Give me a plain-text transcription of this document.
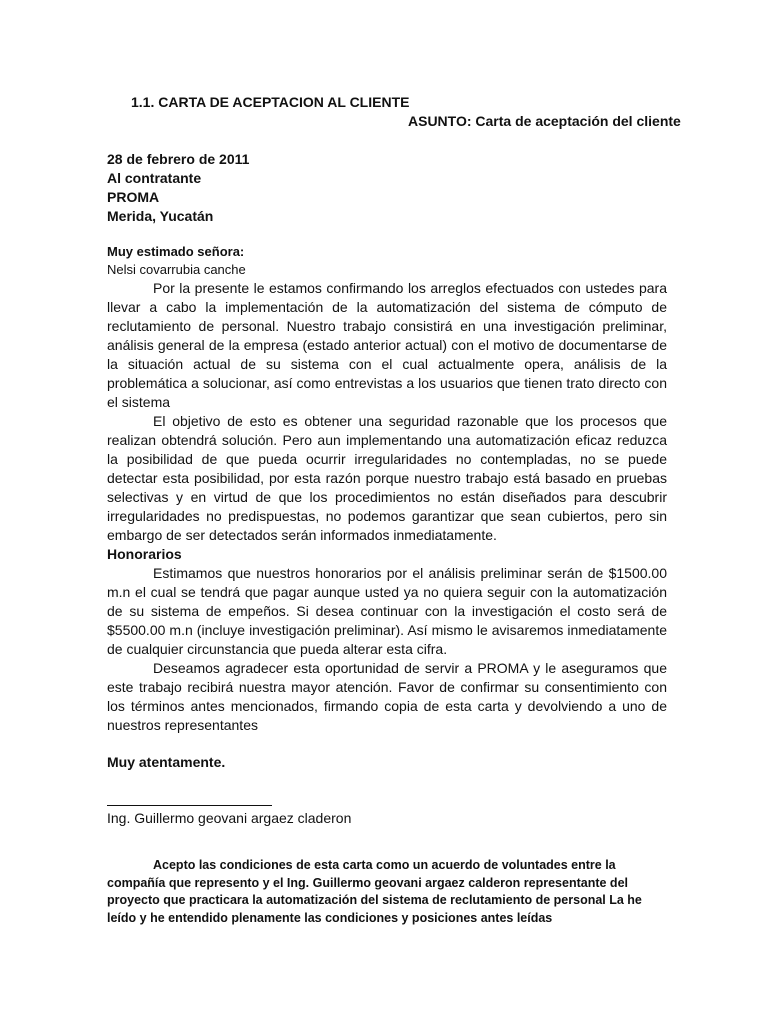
1.1. CARTA DE ACEPTACION AL CLIENTE
ASUNTO: Carta de aceptación del cliente
28 de febrero de 2011
Al contratante
PROMA
Merida, Yucatán
Muy estimado señora:
Nelsi covarrubia canche

Por la presente le estamos confirmando los arreglos efectuados con ustedes para llevar a cabo la implementación de la automatización del sistema de cómputo de reclutamiento de personal. Nuestro trabajo consistirá en una investigación preliminar, análisis general de la empresa (estado anterior actual) con el motivo de documentarse de la situación actual de su sistema con el cual actualmente opera, análisis de la problemática a solucionar, así como entrevistas a los usuarios que tienen trato directo con el sistema

El objetivo de esto es obtener una seguridad razonable que los procesos que realizan obtendrá solución. Pero aun implementando una automatización eficaz reduzca la posibilidad de que pueda ocurrir irregularidades no contempladas, no se puede detectar esta posibilidad, por esta razón porque nuestro trabajo está basado en pruebas selectivas y en virtud de que los procedimientos no están diseñados para descubrir irregularidades no predispuestas, no podemos garantizar que sean cubiertos, pero sin embargo de ser detectados serán informados inmediatamente.

Honorarios

Estimamos que nuestros honorarios por el análisis preliminar serán de $1500.00 m.n el cual se tendrá que pagar aunque usted ya no quiera seguir con la automatización de su sistema de empeños. Si desea continuar con la investigación el costo será de $5500.00 m.n (incluye investigación preliminar). Así mismo le avisaremos inmediatamente de cualquier circunstancia que pueda alterar esta cifra.

Deseamos agradecer esta oportunidad de servir a PROMA y le aseguramos que este trabajo recibirá nuestra mayor atención. Favor de confirmar su consentimiento con los términos antes mencionados, firmando copia de esta carta y devolviendo a uno de nuestros representantes

Muy atentamente.
Ing. Guillermo geovani argaez claderon

Acepto las condiciones de esta carta como un acuerdo de voluntades entre la compañía que represento y el Ing. Guillermo geovani argaez calderon representante del proyecto que practicara la automatización del sistema de reclutamiento de personal La he leído y he entendido plenamente las condiciones y posiciones antes leídas
